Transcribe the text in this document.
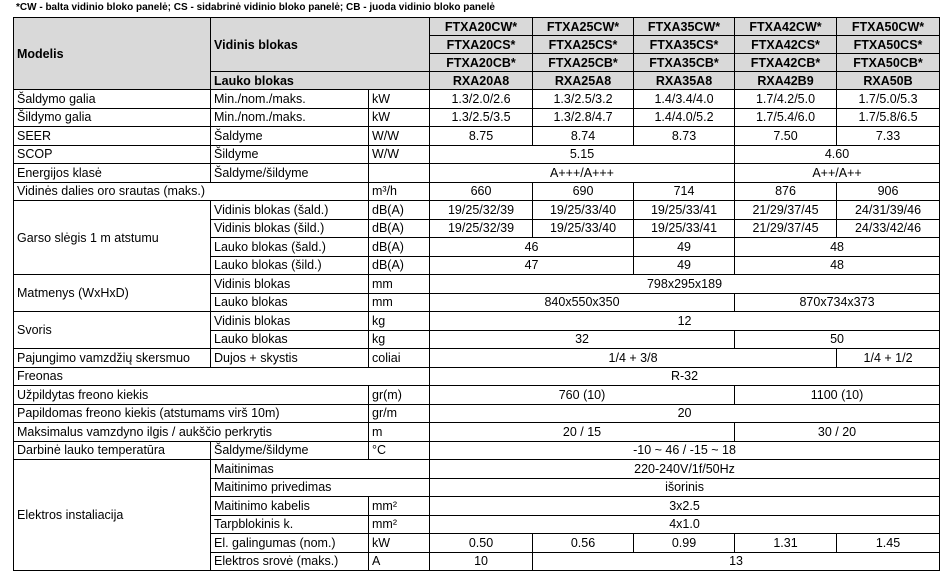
*CW - balta vidinio bloko panelė; CS - sidabrinė vidinio bloko panelė; CB - juoda vidinio bloko panelė
Modelis	Vidinis blokas		FTXA20CW*	FTXA25CW*	FTXA35CW*	FTXA42CW*	FTXA50CW*
			FTXA20CS*	FTXA25CS*	FTXA35CS*	FTXA42CS*	FTXA50CS*
			FTXA20CB*	FTXA25CB*	FTXA35CB*	FTXA42CB*	FTXA50CB*
	Lauko blokas		RXA20A8	RXA25A8	RXA35A8	RXA42B9	RXA50B
Šaldymo galia	Min./nom./maks.	kW	1.3/2.0/2.6	1.3/2.5/3.2	1.4/3.4/4.0	1.7/4.2/5.0	1.7/5.0/5.3
Šildymo galia	Min./nom./maks.	kW	1.3/2.5/3.5	1.3/2.8/4.7	1.4/4.0/5.2	1.7/5.4/6.0	1.7/5.8/6.5
SEER	Šaldyme	W/W	8.75	8.74	8.73	7.50	7.33
SCOP	Šildyme	W/W	5.15			4.60	
Energijos klasė	Šaldyme/šildyme		A+++/A+++			A++/A++	
Vidinės dalies oro srautas (maks.)		m³/h	660	690	714	876	906
Garso slėgis 1 m atstumu	Vidinis blokas (šald.)	dB(A)	19/25/32/39	19/25/33/40	19/25/33/41	21/29/37/45	24/31/39/46
	Vidinis blokas (šild.)	dB(A)	19/25/32/39	19/25/33/40	19/25/33/41	21/29/37/45	24/33/42/46
	Lauko blokas (šald.)	dB(A)	46		49	48	
	Lauko blokas (šild.)	dB(A)	47		49	48	
Matmenys (WxHxD)	Vidinis blokas	mm	798x295x189				
	Lauko blokas	mm	840x550x350			870x734x373	
Svoris	Vidinis blokas	kg	12				
	Lauko blokas	kg	32			50	
Pajungimo vamzdžių skersmuo	Dujos + skystis	coliai	1/4 + 3/8				1/4 + 1/2
Freonas			R-32				
Užpildytas freono kiekis		gr(m)	760 (10)			1100 (10)	
Papildomas freono kiekis (atstumams virš 10m)		gr/m	20				
Maksimalus vamzdyno ilgis / aukščio perkrytis		m	20 / 15			30 / 20	
Darbinė lauko temperatūra	Šaldyme/šildyme	°C	-10 ~ 46 / -15 ~ 18				
Elektros instaliacija	Maitinimas		220-240V/1f/50Hz				
	Maitinimo privedimas		išorinis				
	Maitinimo kabelis	mm²	3x2.5				
	Tarpblokinis k.	mm²	4x1.0				
	El. galingumas (nom.)	kW	0.50	0.56	0.99	1.31	1.45
	Elektros srovė (maks.)	A	10	13			
